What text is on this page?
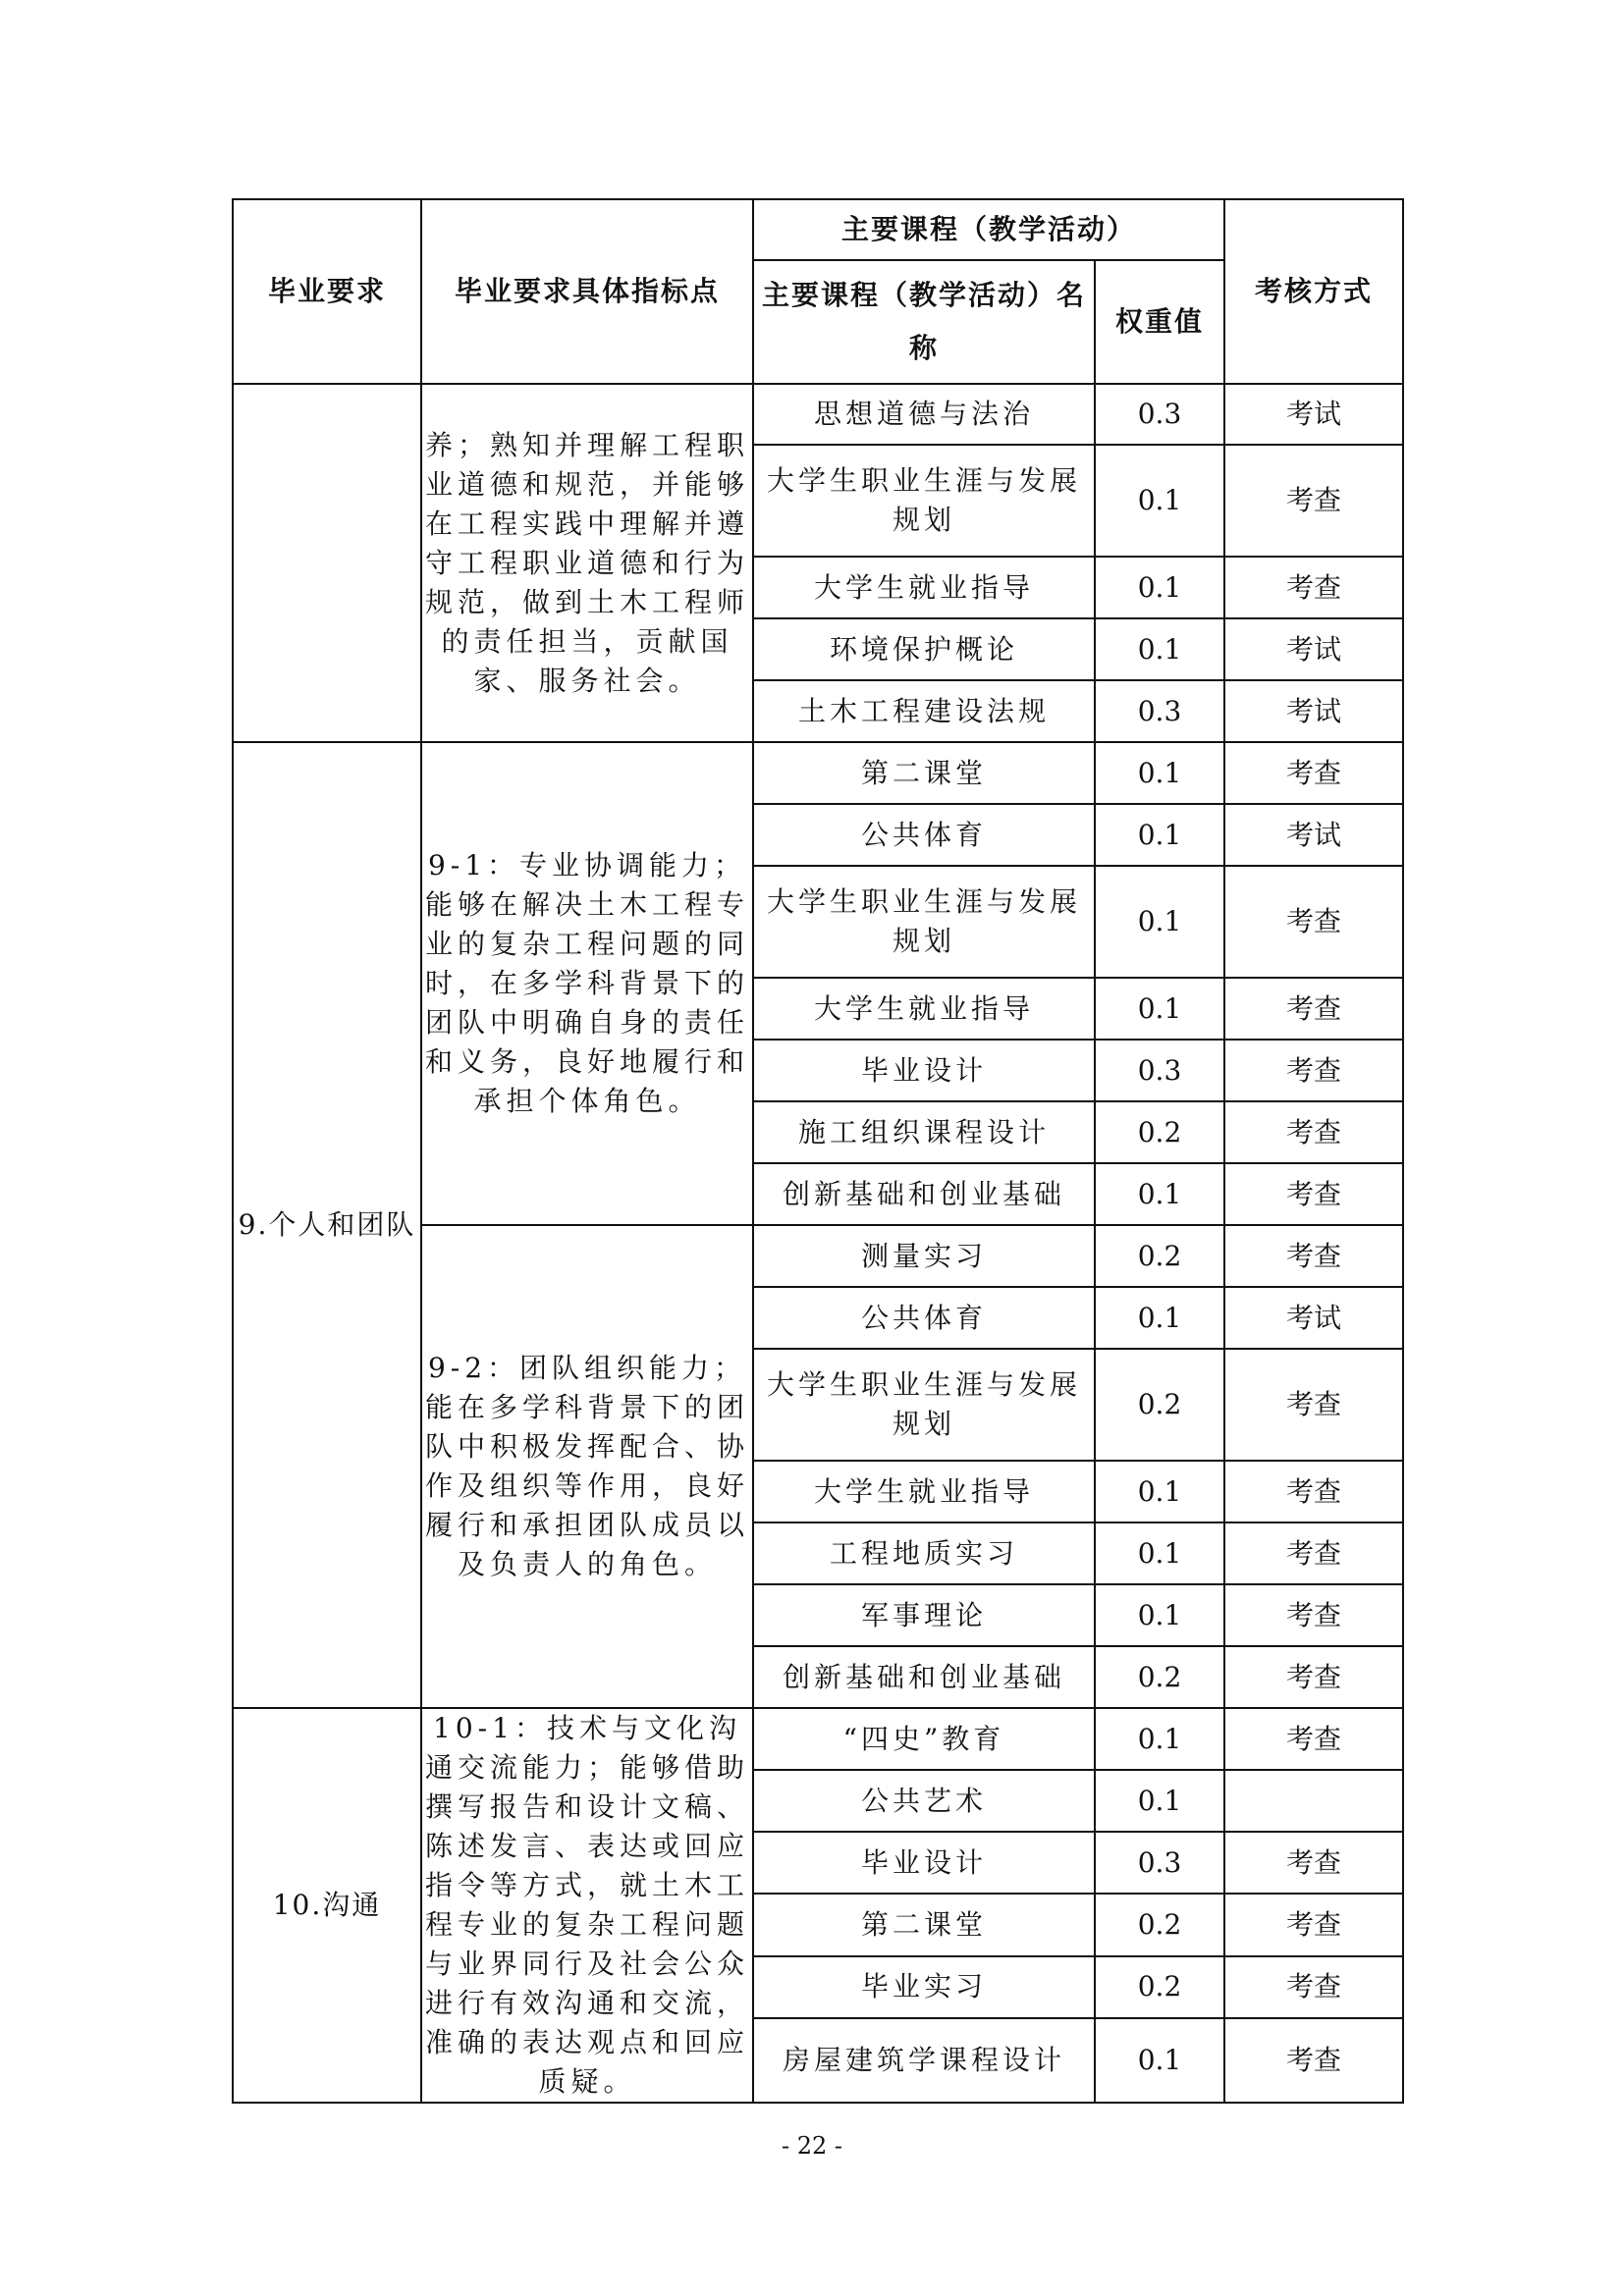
毕业要求	毕业要求具体指标点	主要课程（教学活动）		考核方式
		主要课程（教学活动）名称	权重值	
	养；熟知并理解工程职业道德和规范，并能够在工程实践中理解并遵守工程职业道德和行为规范，做到土木工程师的责任担当，贡献国家、服务社会。	思想道德与法治	0.3	考试
		大学生职业生涯与发展规划	0.1	考查
		大学生就业指导	0.1	考查
		环境保护概论	0.1	考试
		土木工程建设法规	0.3	考试
9.个人和团队	9-1：专业协调能力；能够在解决土木工程专业的复杂工程问题的同时，在多学科背景下的团队中明确自身的责任和义务，良好地履行和承担个体角色。	第二课堂	0.1	考查
		公共体育	0.1	考试
		大学生职业生涯与发展规划	0.1	考查
		大学生就业指导	0.1	考查
		毕业设计	0.3	考查
		施工组织课程设计	0.2	考查
		创新基础和创业基础	0.1	考查
	9-2：团队组织能力；能在多学科背景下的团队中积极发挥配合、协作及组织等作用，良好履行和承担团队成员以及负责人的角色。	测量实习	0.2	考查
		公共体育	0.1	考试
		大学生职业生涯与发展规划	0.2	考查
		大学生就业指导	0.1	考查
		工程地质实习	0.1	考查
		军事理论	0.1	考查
		创新基础和创业基础	0.2	考查
10.沟通	10-1：技术与文化沟通交流能力；能够借助撰写报告和设计文稿、陈述发言、表达或回应指令等方式，就土木工程专业的复杂工程问题与业界同行及社会公众进行有效沟通和交流，准确的表达观点和回应质疑。	“四史”教育	0.1	考查
		公共艺术	0.1	
		毕业设计	0.3	考查
		第二课堂	0.2	考查
		毕业实习	0.2	考查
		房屋建筑学课程设计	0.1	考查
- 22 -
